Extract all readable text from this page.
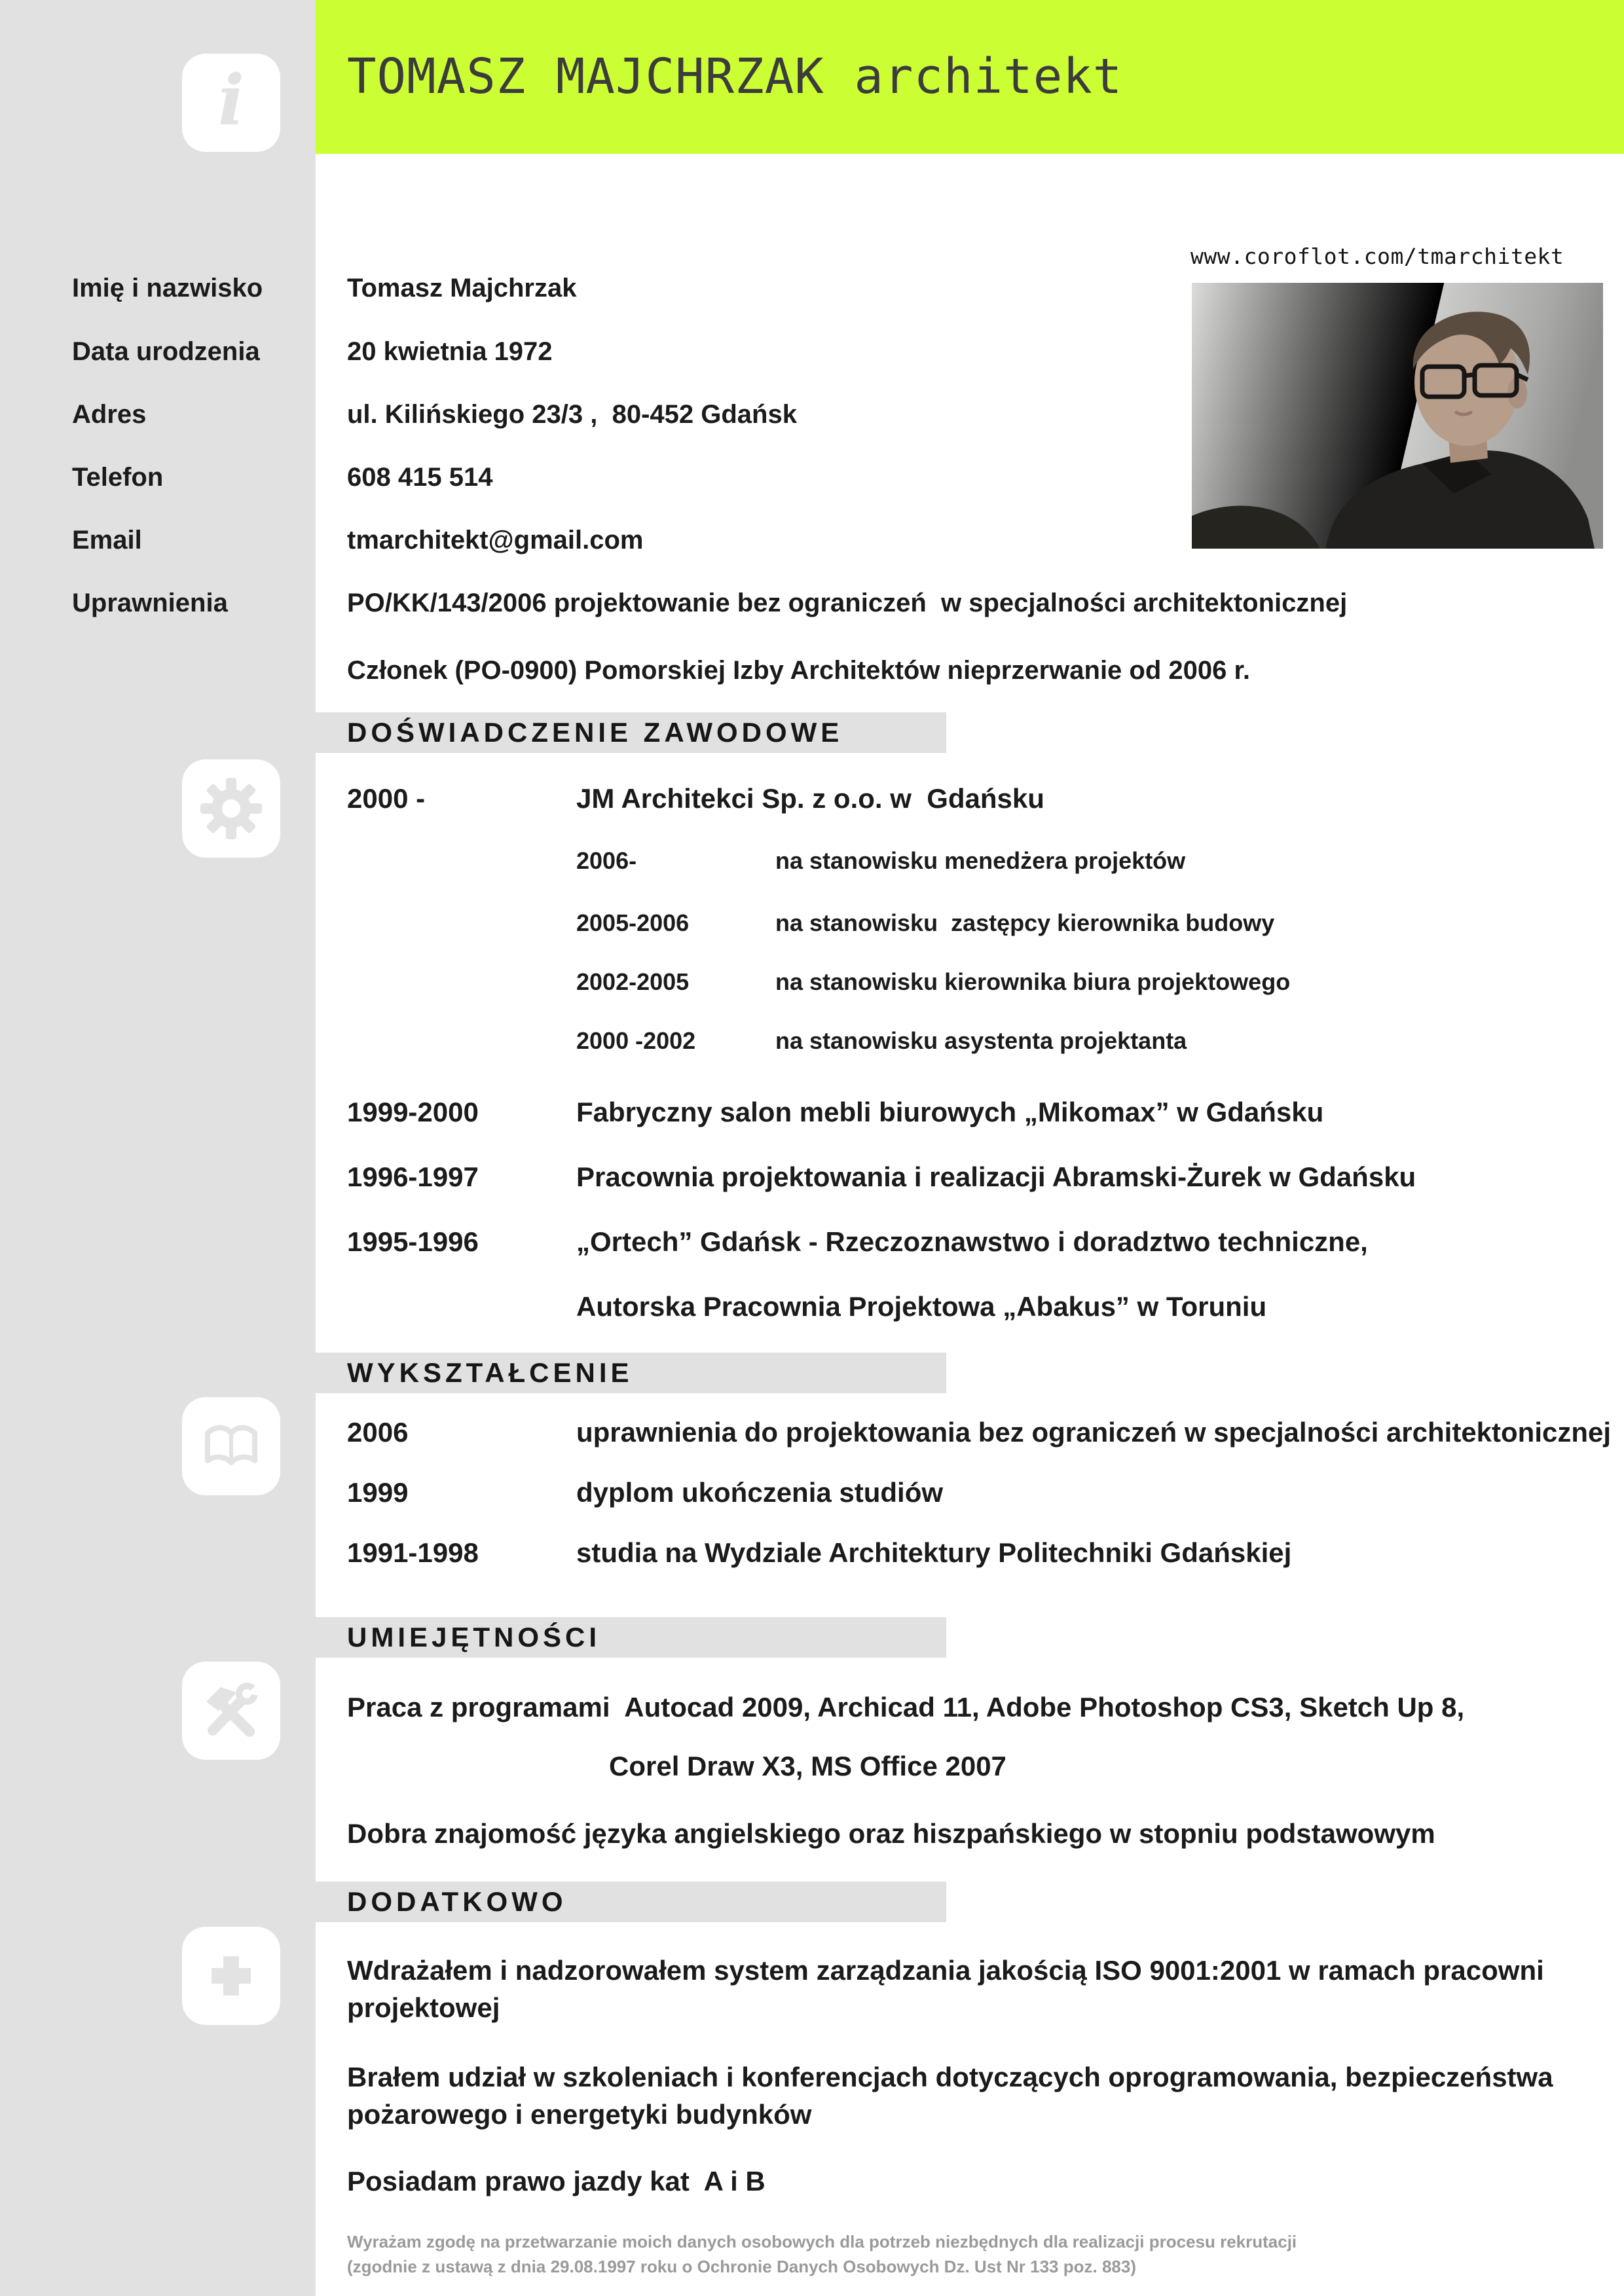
TOMASZ MAJCHRZAK architekt
www.coroflot.com/tmarchitekt
i
Imię i nazwisko	Tomasz Majchrzak
Data urodzenia	20 kwietnia 1972
Adres	ul. Kilińskiego 23/3 ,  80-452 Gdańsk
Telefon	608 415 514
Email	tmarchitekt@gmail.com
Uprawnienia	PO/KK/143/2006 projektowanie bez ograniczeń  w specjalności architektonicznej
Członek (PO-0900) Pomorskiej Izby Architektów nieprzerwanie od 2006 r.
DOŚWIADCZENIE ZAWODOWE
2000 -	JM Architekci Sp. z o.o. w  Gdańsku
2006-	na stanowisku menedżera projektów
2005-2006	na stanowisku  zastępcy kierownika budowy
2002-2005	na stanowisku kierownika biura projektowego
2000 -2002	na stanowisku asystenta projektanta
1999-2000	Fabryczny salon mebli biurowych „Mikomax” w Gdańsku
1996-1997	Pracownia projektowania i realizacji Abramski-Żurek w Gdańsku
1995-1996	„Ortech” Gdańsk - Rzeczoznawstwo i doradztwo techniczne,
Autorska Pracownia Projektowa „Abakus” w Toruniu
WYKSZTAŁCENIE
2006	uprawnienia do projektowania bez ograniczeń w specjalności architektonicznej
1999	dyplom ukończenia studiów
1991-1998	studia na Wydziale Architektury Politechniki Gdańskiej
UMIEJĘTNOŚCI
Praca z programami  Autocad 2009, Archicad 11, Adobe Photoshop CS3, Sketch Up 8,
Corel Draw X3, MS Office 2007
Dobra znajomość języka angielskiego oraz hiszpańskiego w stopniu podstawowym
DODATKOWO
Wdrażałem i nadzorowałem system zarządzania jakością ISO 9001:2001 w ramach pracowni
projektowej
Brałem udział w szkoleniach i konferencjach dotyczących oprogramowania, bezpieczeństwa
pożarowego i energetyki budynków
Posiadam prawo jazdy kat  A i B
Wyrażam zgodę na przetwarzanie moich danych osobowych dla potrzeb niezbędnych dla realizacji procesu rekrutacji
(zgodnie z ustawą z dnia 29.08.1997 roku o Ochronie Danych Osobowych Dz. Ust Nr 133 poz. 883)
